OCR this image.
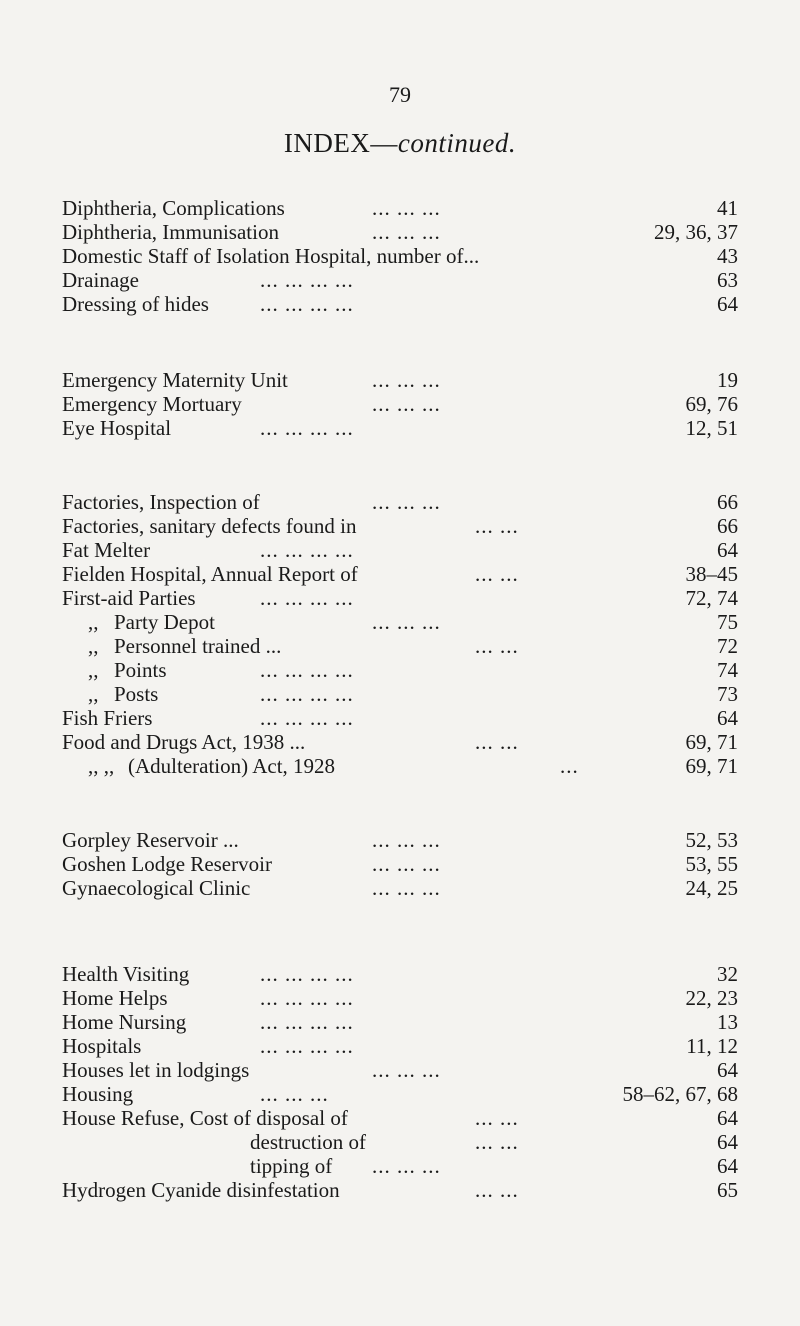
79
INDEX—continued.
Diphtheria, Complications	... ... ...	41
Diphtheria, Immunisation	... ... ...	29, 36, 37
Domestic Staff of Isolation Hospital, number of...	43
Drainage	... ... ... ...	63
Dressing of hides ... ... ... ...	64
Emergency Maternity Unit	... ... ...	19
Emergency Mortuary	... ... ...	69, 76
Eye Hospital	... ... ... ...	12, 51
Factories, Inspection of	... ... ...	66
Factories, sanitary defects found in	... ...	66
Fat Melter	... ... ... ...	64
Fielden Hospital, Annual Report of	... ...	38–45
First-aid Parties	... ... ... ...	72, 74
,, Party Depot	... ... ...	75
,, Personnel trained ...	... ...	72
,, Points	... ... ... ...	74
,, Posts	... ... ... ...	73
Fish Friers	... ... ... ...	64
Food and Drugs Act, 1938 ...	... ...	69, 71
,, ,, (Adulteration) Act, 1928	...	69, 71
Gorpley Reservoir ...	... ... ...	52, 53
Goshen Lodge Reservoir	... ... ...	53, 55
Gynaecological Clinic	... ... ...	24, 25
Health Visiting	... ... ... ...	32
Home Helps	... ... ... ...	22, 23
Home Nursing	... ... ... ...	13
Hospitals	... ... ... ...	11, 12
Houses let in lodgings	... ... ...	64
Housing	... ... ...	58–62, 67, 68
House Refuse, Cost of disposal of	... ...	64
destruction of	... ...	64
tipping of ... ... ...	64
Hydrogen Cyanide disinfestation	... ...	65
